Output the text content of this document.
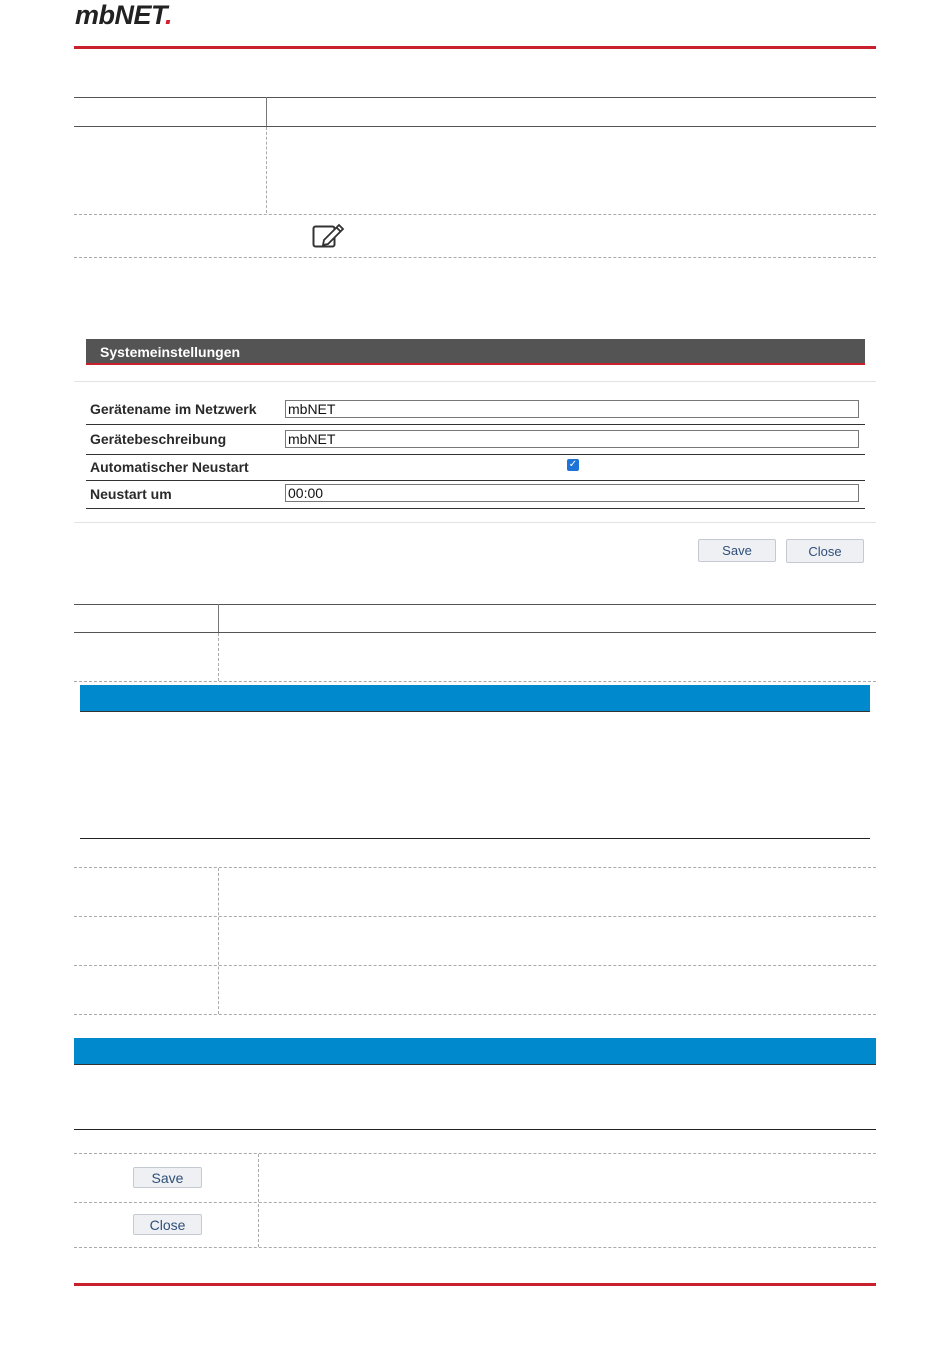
mbNET.
Systemeinstellungen
Gerätename im Netzwerk
mbNET
Gerätebeschreibung
mbNET
Automatischer Neustart	✓
Neustart um
00:00
Save	Close
Save
Close
